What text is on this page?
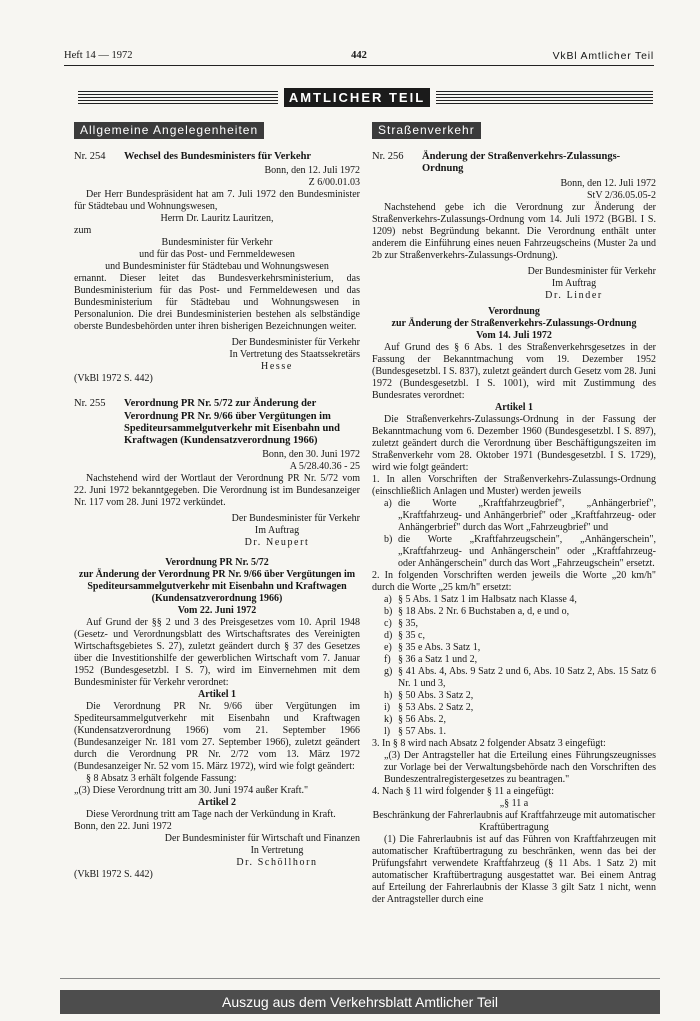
Heft 14 — 1972	442	VkBl Amtlicher Teil
AMTLICHER TEIL
Allgemeine Angelegenheiten
Nr. 254	Wechsel des Bundesministers für Verkehr
Bonn, den 12. Juli 1972
Z 6/00.01.03
Der Herr Bundespräsident hat am 7. Juli 1972 den Bundesminister für Städtebau und Wohnungswesen,
Herrn Dr. Lauritz Lauritzen,
zum
Bundesminister für Verkehr
und für das Post- und Fernmeldewesen
und Bundesminister für Städtebau und Wohnungswesen
ernannt. Dieser leitet das Bundesverkehrsministerium, das Bundesministerium für das Post- und Fernmeldewesen und das Bundesministerium für Städtebau und Wohnungswesen in Personalunion. Die drei Bundesministerien bestehen als selbständige oberste Bundesbehörden unter ihren bisherigen Bezeichnungen weiter.
Der Bundesminister für Verkehr
In Vertretung des Staatssekretärs
Hesse
(VkBl 1972 S. 442)
Nr. 255	Verordnung PR Nr. 5/72 zur Änderung der Verordnung PR Nr. 9/66 über Vergütungen im Spediteursammelgutverkehr mit Eisenbahn und Kraftwagen (Kundensatzverordnung 1966)
Bonn, den 30. Juni 1972
A 5/28.40.36 - 25
Nachstehend wird der Wortlaut der Verordnung PR Nr. 5/72 vom 22. Juni 1972 bekanntgegeben. Die Verordnung ist im Bundesanzeiger Nr. 117 vom 28. Juni 1972 verkündet.
Der Bundesminister für Verkehr
Im Auftrag
Dr. Neupert
Verordnung PR Nr. 5/72
zur Änderung der Verordnung PR Nr. 9/66 über Vergütungen im Spediteursammelgutverkehr mit Eisenbahn und Kraftwagen (Kundensatzverordnung 1966)
Vom 22. Juni 1972
Auf Grund der §§ 2 und 3 des Preisgesetzes vom 10. April 1948 (Gesetz- und Verordnungsblatt des Wirtschaftsrates des Vereinigten Wirtschaftsgebietes S. 27), zuletzt geändert durch § 37 des Gesetzes über die Investitionshilfe der gewerblichen Wirtschaft vom 7. Januar 1952 (Bundesgesetzbl. I S. 7), wird im Einvernehmen mit dem Bundesminister für Verkehr verordnet:
Artikel 1
Die Verordnung PR Nr. 9/66 über Vergütungen im Spediteursammelgutverkehr mit Eisenbahn und Kraftwagen (Kundensatzverordnung 1966) vom 21. September 1966 (Bundesanzeiger Nr. 181 vom 27. September 1966), zuletzt geändert durch die Verordnung PR Nr. 2/72 vom 13. März 1972 (Bundesanzeiger Nr. 52 vom 15. März 1972), wird wie folgt geändert:
§ 8 Absatz 3 erhält folgende Fassung:
„(3) Diese Verordnung tritt am 30. Juni 1974 außer Kraft."
Artikel 2
Diese Verordnung tritt am Tage nach der Verkündung in Kraft.
Bonn, den 22. Juni 1972
Der Bundesminister für Wirtschaft und Finanzen
In Vertretung
Dr. Schöllhorn
(VkBl 1972 S. 442)
Straßenverkehr
Nr. 256	Änderung der Straßenverkehrs-Zulassungs-Ordnung
Bonn, den 12. Juli 1972
StV 2/36.05.05-2
Nachstehend gebe ich die Verordnung zur Änderung der Straßenverkehrs-Zulassungs-Ordnung vom 14. Juli 1972 (BGBl. I S. 1209) nebst Begründung bekannt. Die Verordnung enthält unter anderem die Einführung eines neuen Fahrzeugscheins (Muster 2a und 2b zur Straßenverkehrs-Zulassungs-Ordnung).
Der Bundesminister für Verkehr
Im Auftrag
Dr. Linder
Verordnung
zur Änderung der Straßenverkehrs-Zulassungs-Ordnung
Vom 14. Juli 1972
Auf Grund des § 6 Abs. 1 des Straßenverkehrsgesetzes in der Fassung der Bekanntmachung vom 19. Dezember 1952 (Bundesgesetzbl. I S. 837), zuletzt geändert durch Gesetz vom 28. Juni 1972 (Bundesgesetzbl. I S. 1001), wird mit Zustimmung des Bundesrates verordnet:
Artikel 1
Die Straßenverkehrs-Zulassungs-Ordnung in der Fassung der Bekanntmachung vom 6. Dezember 1960 (Bundesgesetzbl. I S. 897), zuletzt geändert durch die Verordnung über Beschäftigungszeiten im Straßenverkehr vom 28. Oktober 1971 (Bundesgesetzbl. I S. 1729), wird wie folgt geändert:
1. In allen Vorschriften der Straßenverkehrs-Zulassungs-Ordnung (einschließlich Anlagen und Muster) werden jeweils
a) die Worte „Kraftfahrzeugbrief", „Anhängerbrief", „Kraftfahrzeug- und Anhängerbrief" oder „Kraftfahrzeug- oder Anhängerbrief" durch das Wort „Fahrzeugbrief" und
b) die Worte „Kraftfahrzeugschein", „Anhängerschein", „Kraftfahrzeug- und Anhängerschein" oder „Kraftfahrzeug- oder Anhängerschein" durch das Wort „Fahrzeugschein" ersetzt.
2. In folgenden Vorschriften werden jeweils die Worte „20 km/h" durch die Worte „25 km/h" ersetzt:
a) § 5 Abs. 1 Satz 1 im Halbsatz nach Klasse 4,
b) § 18 Abs. 2 Nr. 6 Buchstaben a, d, e und o,
c) § 35,
d) § 35 c,
e) § 35 e Abs. 3 Satz 1,
f) § 36 a Satz 1 und 2,
g) § 41 Abs. 4, Abs. 9 Satz 2 und 6, Abs. 10 Satz 2, Abs. 15 Satz 6 Nr. 1 und 3,
h) § 50 Abs. 3 Satz 2,
i) § 53 Abs. 2 Satz 2,
k) § 56 Abs. 2,
l) § 57 Abs. 1.
3. In § 8 wird nach Absatz 2 folgender Absatz 3 eingefügt:
„(3) Der Antragsteller hat die Erteilung eines Führungszeugnisses zur Vorlage bei der Verwaltungsbehörde nach den Vorschriften des Bundeszentralregistergesetzes zu beantragen."
4. Nach § 11 wird folgender § 11 a eingefügt:
„§ 11 a
Beschränkung der Fahrerlaubnis auf Kraftfahrzeuge mit automatischer Kraftübertragung
(1) Die Fahrerlaubnis ist auf das Führen von Kraftfahrzeugen mit automatischer Kraftübertragung zu beschränken, wenn das bei der Prüfungsfahrt verwendete Kraftfahrzeug (§ 11 Abs. 1 Satz 2) mit automatischer Kraftübertragung ausgestattet war. Bei einem Antrag auf Erteilung der Fahrerlaubnis der Klasse 3 gilt Satz 1 nicht, wenn der Antragsteller durch eine
Auszug aus dem Verkehrsblatt Amtlicher Teil
